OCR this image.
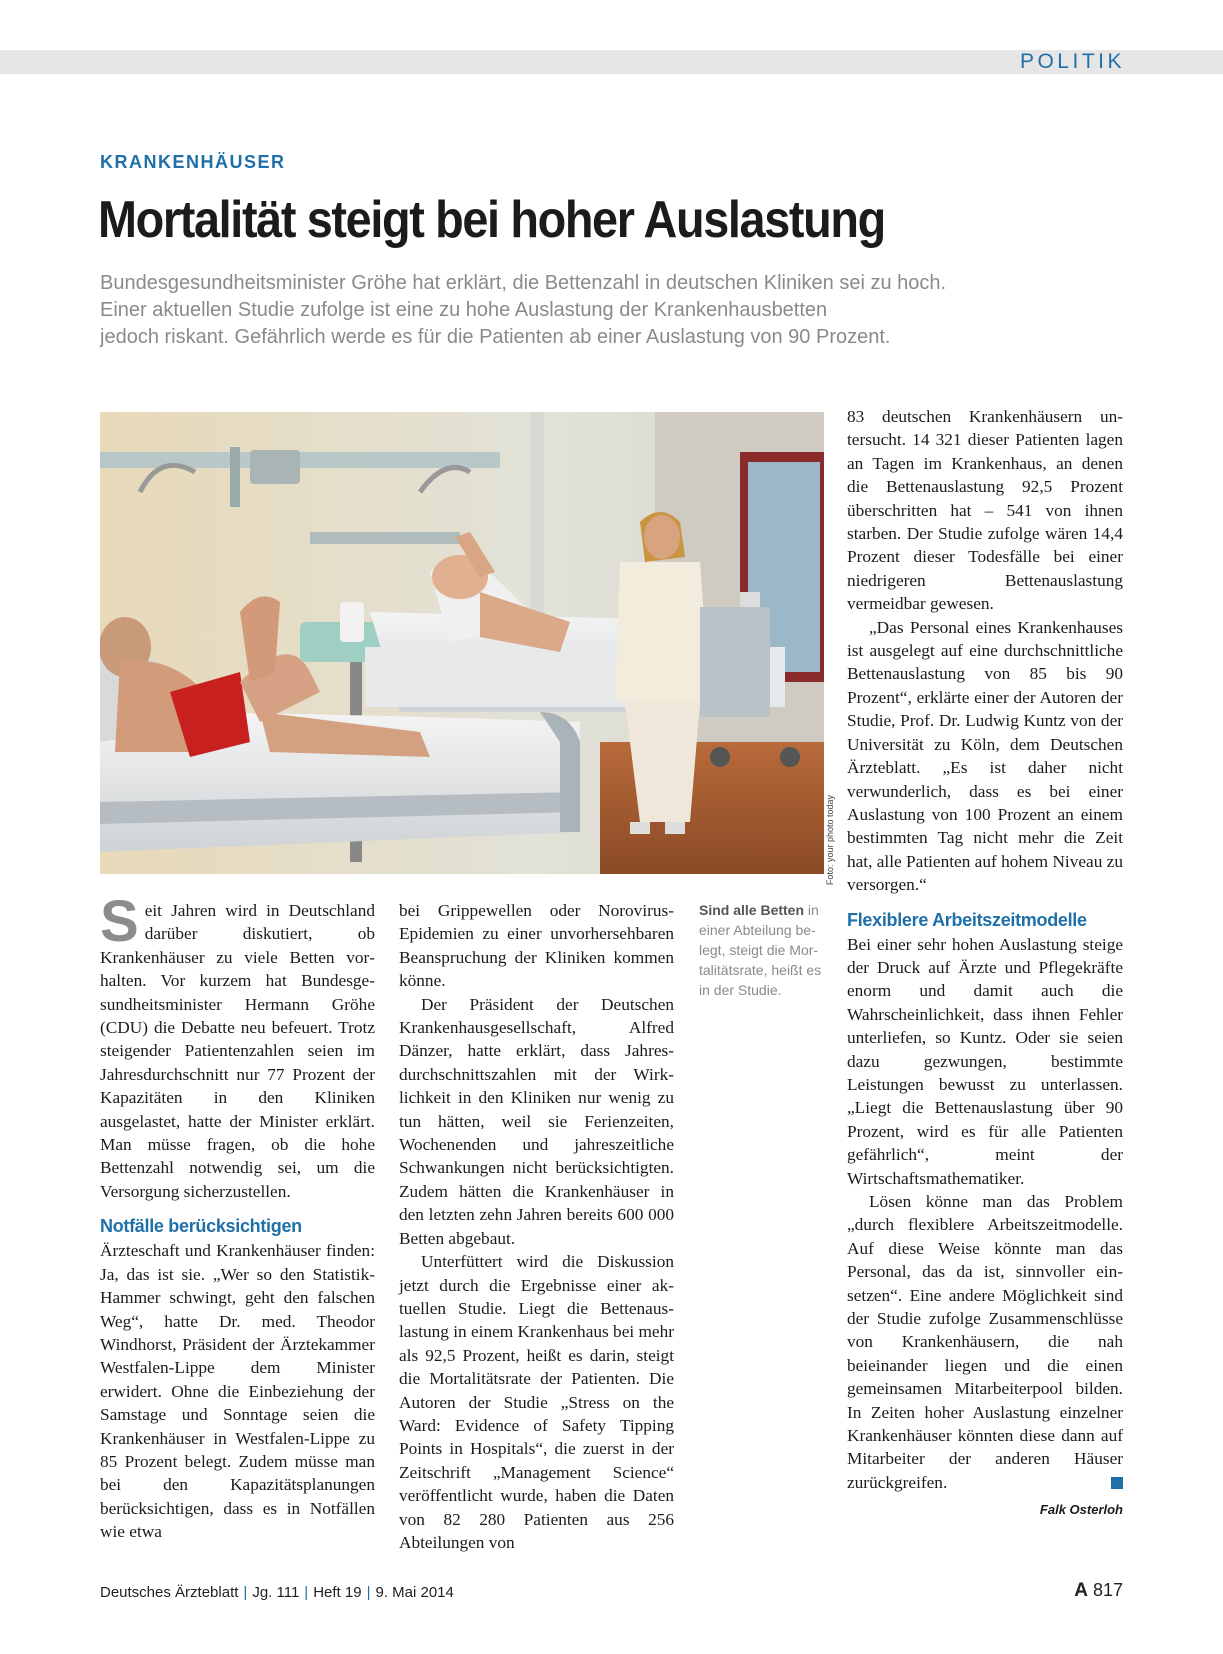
POLITIK
KRANKENHÄUSER
Mortalität steigt bei hoher Auslastung
Bundesgesundheitsminister Gröhe hat erklärt, die Bettenzahl in deutschen Kliniken sei zu hoch.
Einer aktuellen Studie zufolge ist eine zu hohe Auslastung der Krankenhausbetten
jedoch riskant. Gefährlich werde es für die Patienten ab einer Auslastung von 90 Prozent.
Foto: your photo today
Sind alle Betten in einer Abteilung belegt, steigt die Mortalitätsrate, heißt es in der Studie.

Seit Jahren wird in Deutschland darüber diskutiert, ob Krankenhäuser zu viele Betten vorhalten. Vor kurzem hat Bundesgesundheitsminister Hermann Gröhe (CDU) die Debatte neu befeuert. Trotz steigender Patientenzahlen seien im Jahresdurchschnitt nur 77 Prozent der Kapazitäten in den Kliniken ausgelastet, hatte der Minister erklärt. Man müsse fragen, ob die hohe Bettenzahl notwendig sei, um die Versorgung sicherzustellen.

Notfälle berücksichtigen

Ärzteschaft und Krankenhäuser finden: Ja, das ist sie. „Wer so den Statistik-Hammer schwingt, geht den falschen Weg“, hatte Dr. med. Theodor Windhorst, Präsident der Ärztekammer Westfalen-Lippe dem Minister erwidert. Ohne die Einbeziehung der Samstage und Sonntage seien die Krankenhäuser in Westfalen-Lippe zu 85 Prozent belegt. Zudem müsse man bei den Kapazitätsplanungen berücksichtigen, dass es in Notfällen wie etwa

bei Grippewellen oder Norovirus-Epidemien zu einer unvorhersehbaren Beanspruchung der Kliniken kommen könne.

Der Präsident der Deutschen Krankenhausgesellschaft, Alfred Dänzer, hatte erklärt, dass Jahresdurchschnittszahlen mit der Wirklichkeit in den Kliniken nur wenig zu tun hätten, weil sie Ferienzeiten, Wochenenden und jahreszeitliche Schwankungen nicht berücksichtigten. Zudem hätten die Krankenhäuser in den letzten zehn Jahren bereits 600 000 Betten abgebaut.

Unterfüttert wird die Diskussion jetzt durch die Ergebnisse einer aktuellen Studie. Liegt die Bettenauslastung in einem Krankenhaus bei mehr als 92,5 Prozent, heißt es darin, steigt die Mortalitätsrate der Patienten. Die Autoren der Studie „Stress on the Ward: Evidence of Safety Tipping Points in Hospitals“, die zuerst in der Zeitschrift „Management Science“ veröffentlicht wurde, haben die Daten von 82 280 Patienten aus 256 Abteilungen von

83 deutschen Krankenhäusern untersucht. 14 321 dieser Patienten lagen an Tagen im Krankenhaus, an denen die Bettenauslastung 92,5 Prozent überschritten hat – 541 von ihnen starben. Der Studie zufolge wären 14,4 Prozent dieser Todesfälle bei einer niedrigeren Bettenauslastung vermeidbar gewesen.

„Das Personal eines Krankenhauses ist ausgelegt auf eine durchschnittliche Bettenauslastung von 85 bis 90 Prozent“, erklärte einer der Autoren der Studie, Prof. Dr. Ludwig Kuntz von der Universität zu Köln, dem Deutschen Ärzteblatt. „Es ist daher nicht verwunderlich, dass es bei einer Auslastung von 100 Prozent an einem bestimmten Tag nicht mehr die Zeit hat, alle Patienten auf hohem Niveau zu versorgen.“

Flexiblere Arbeitszeitmodelle

Bei einer sehr hohen Auslastung steige der Druck auf Ärzte und Pflegekräfte enorm und damit auch die Wahrscheinlichkeit, dass ihnen Fehler unterliefen, so Kuntz. Oder sie seien dazu gezwungen, bestimmte Leistungen bewusst zu unterlassen. „Liegt die Bettenauslastung über 90 Prozent, wird es für alle Patienten gefährlich“, meint der Wirtschaftsmathematiker.

Lösen könne man das Problem „durch flexiblere Arbeitszeitmodelle. Auf diese Weise könnte man das Personal, das da ist, sinnvoller einsetzen“. Eine andere Möglichkeit sind der Studie zufolge Zusammenschlüsse von Krankenhäusern, die nah beieinander liegen und die einen gemeinsamen Mitarbeiterpool bilden. In Zeiten hoher Auslastung einzelner Krankenhäuser könnten diese dann auf Mitarbeiter der anderen Häuser zurückgreifen.

Falk Osterloh
Deutsches Ärzteblatt | Jg. 111 | Heft 19 | 9. Mai 2014	A 817
